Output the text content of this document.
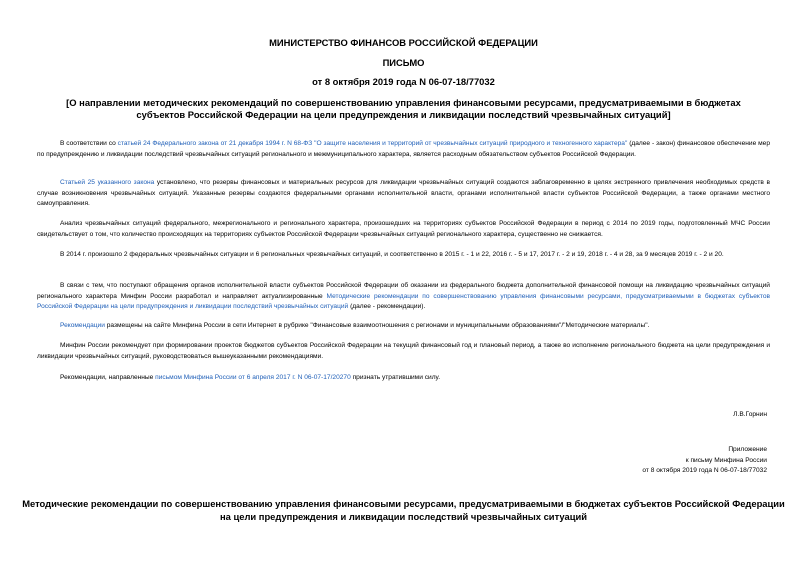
МИНИСТЕРСТВО ФИНАНСОВ РОССИЙСКОЙ ФЕДЕРАЦИИ
ПИСЬМО
от 8 октября 2019 года N 06-07-18/77032
[О направлении методических рекомендаций по совершенствованию управления финансовыми ресурсами, предусматриваемыми в бюджетах субъектов Российской Федерации на цели предупреждения и ликвидации последствий чрезвычайных ситуаций]

В соответствии со статьей 24 Федерального закона от 21 декабря 1994 г. N 68-ФЗ "О защите населения и территорий от чрезвычайных ситуаций природного и техногенного характера" (далее - закон) финансовое обеспечение мер по предупреждению и ликвидации последствий чрезвычайных ситуаций регионального и межмуниципального характера, является расходным обязательством субъектов Российской Федерации.

Статьей 25 указанного закона установлено, что резервы финансовых и материальных ресурсов для ликвидации чрезвычайных ситуаций создаются заблаговременно в целях экстренного привлечения необходимых средств в случае возникновения чрезвычайных ситуаций. Указанные резервы создаются федеральными органами исполнительной власти, органами исполнительной власти субъектов Российской Федерации, а также органами местного самоуправления.

Анализ чрезвычайных ситуаций федерального, межрегионального и регионального характера, произошедших на территориях субъектов Российской Федерации в период с 2014 по 2019 годы, подготовленный МЧС России свидетельствует о том, что количество происходящих на территориях субъектов Российской Федерации чрезвычайных ситуаций регионального характера, существенно не снижается.

В 2014 г. произошло 2 федеральных чрезвычайных ситуации и 6 региональных чрезвычайных ситуаций, и соответственно в 2015 г. - 1 и 22, 2016 г. - 5 и 17, 2017 г. - 2 и 19, 2018 г. - 4 и 28, за 9 месяцев 2019 г. - 2 и 20.

В связи с тем, что поступают обращения органов исполнительной власти субъектов Российской Федерации об оказании из федерального бюджета дополнительной финансовой помощи на ликвидацию чрезвычайных ситуаций регионального характера Минфин России разработал и направляет актуализированные Методические рекомендации по совершенствованию управления финансовыми ресурсами, предусматриваемыми в бюджетах субъектов Российской Федерации на цели предупреждения и ликвидации последствий чрезвычайных ситуаций (далее - рекомендации).

Рекомендации размещены на сайте Минфина России в сети Интернет в рубрике "Финансовые взаимоотношения с регионами и муниципальными образованиями"/"Методические материалы".

Минфин России рекомендует при формировании проектов бюджетов субъектов Российской Федерации на текущий финансовый год и плановый период, а также во исполнение регионального бюджета на цели предупреждения и ликвидации чрезвычайных ситуаций, руководствоваться вышеуказанными рекомендациями.

Рекомендации, направленные письмом Минфина России от 6 апреля 2017 г. N 06-07-17/20270 признать утратившими силу.

Л.В.Горнин
Приложение
к письму Минфина России
от 8 октября 2019 года N 06-07-18/77032
Методические рекомендации по совершенствованию управления финансовыми ресурсами, предусматриваемыми в бюджетах субъектов Российской Федерации
на цели предупреждения и ликвидации последствий чрезвычайных ситуаций
